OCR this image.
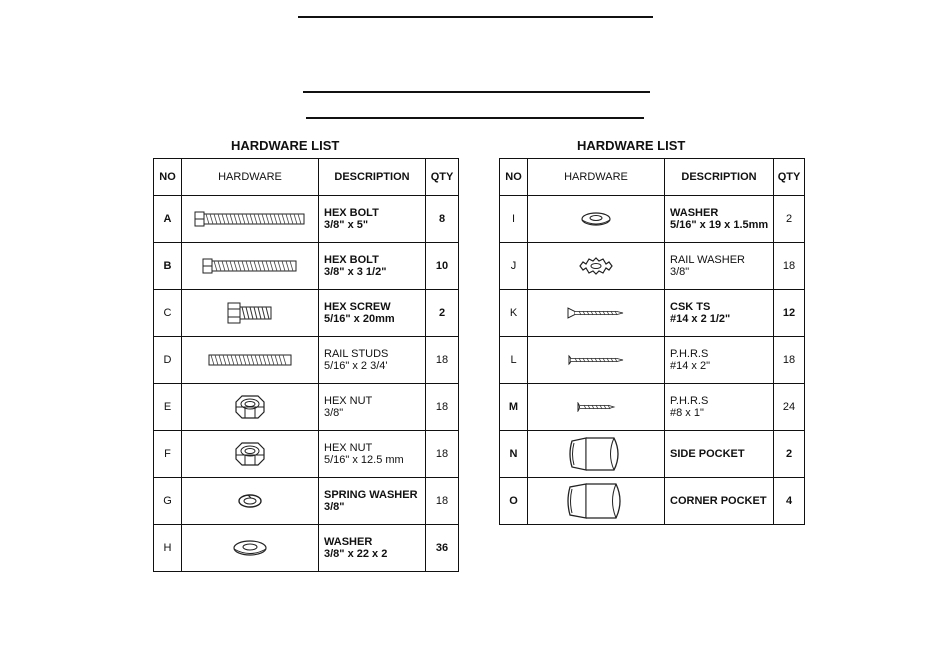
HARDWARE LIST	HARDWARE LIST
NO	HARDWARE	DESCRIPTION	QTY
A		HEX BOLT
3/8" x 5"	8
B		HEX BOLT
3/8" x 3 1/2"	10
C		HEX SCREW
5/16" x 20mm	2
D		RAIL STUDS
5/16" x 2 3/4'	18
E		HEX NUT
3/8"	18
F		HEX NUT
5/16" x 12.5 mm	18
G		SPRING WASHER
3/8"	18
H		WASHER
3/8" x 22 x 2	36
NO	HARDWARE	DESCRIPTION	QTY
I		WASHER
5/16" x 19 x 1.5mm	2
J		RAIL WASHER
3/8"	18
K		CSK TS
#14 x 2 1/2"	12
L		P.H.R.S
#14 x 2"	18
M		P.H.R.S
#8 x 1"	24
N		SIDE POCKET	2
O		CORNER POCKET	4
